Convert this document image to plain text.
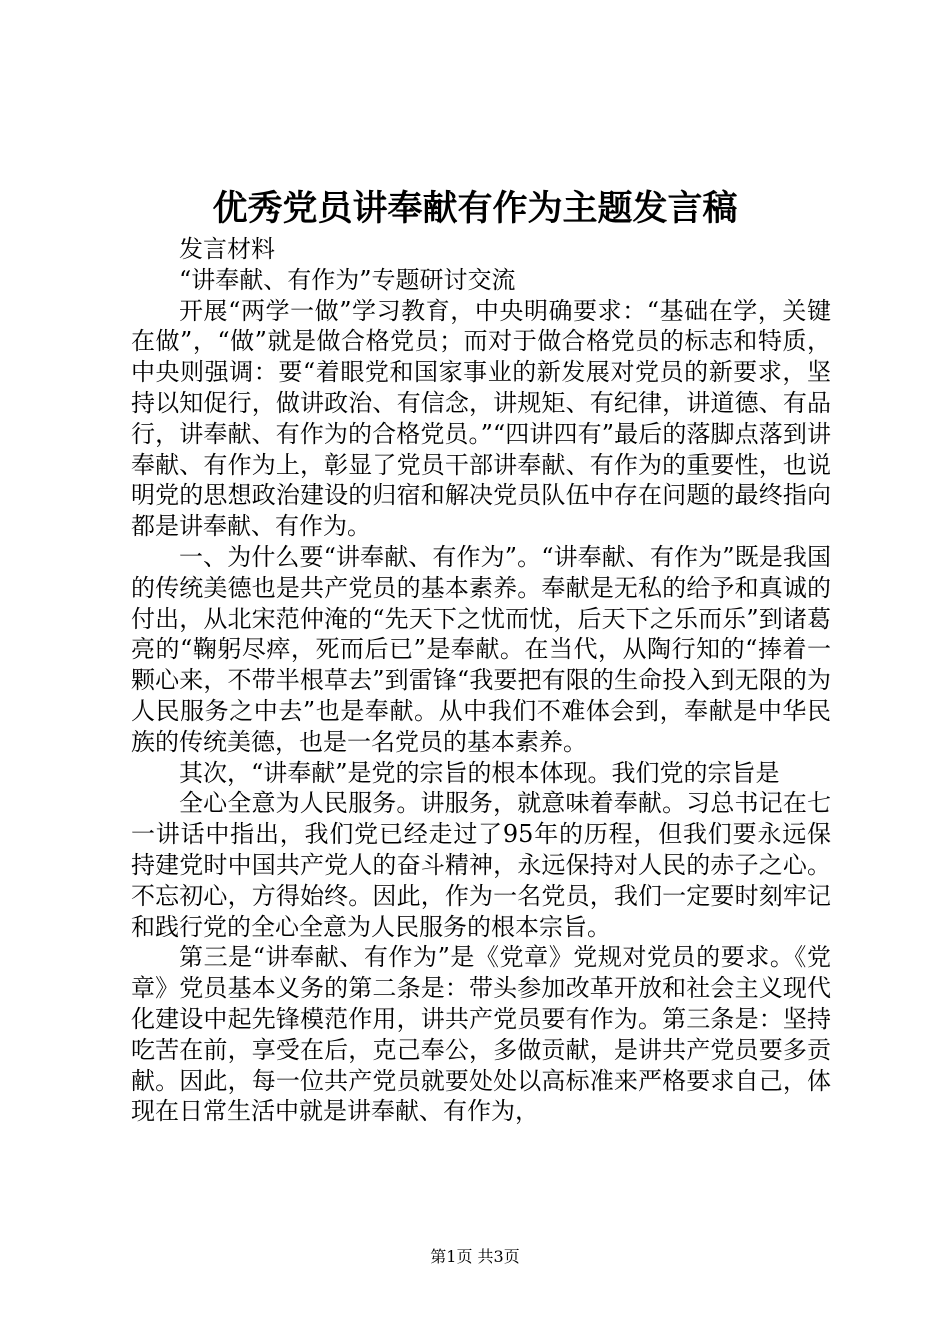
优秀党员讲奉献有作为主题发言稿

发言材料

“讲奉献、有作为”专题研讨交流

开展“两学一做”学习教育，中央明确要求：“基础在学，关键在做”，“做”就是做合格党员；而对于做合格党员的标志和特质，中央则强调：要“着眼党和国家事业的新发展对党员的新要求，坚持以知促行，做讲政治、有信念，讲规矩、有纪律，讲道德、有品行，讲奉献、有作为的合格党员。”“四讲四有”最后的落脚点落到讲奉献、有作为上，彰显了党员干部讲奉献、有作为的重要性，也说明党的思想政治建设的归宿和解决党员队伍中存在问题的最终指向都是讲奉献、有作为。

一、为什么要“讲奉献、有作为”。“讲奉献、有作为”既是我国的传统美德也是共产党员的基本素养。奉献是无私的给予和真诚的付出，从北宋范仲淹的“先天下之忧而忧，后天下之乐而乐”到诸葛亮的“鞠躬尽瘁，死而后已”是奉献。在当代，从陶行知的“捧着一颗心来，不带半根草去”到雷锋“我要把有限的生命投入到无限的为人民服务之中去”也是奉献。从中我们不难体会到，奉献是中华民族的传统美德，也是一名党员的基本素养。

其次，“讲奉献”是党的宗旨的根本体现。我们党的宗旨是

全心全意为人民服务。讲服务，就意味着奉献。习总书记在七一讲话中指出，我们党已经走过了95年的历程，但我们要永远保持建党时中国共产党人的奋斗精神，永远保持对人民的赤子之心。不忘初心，方得始终。因此，作为一名党员，我们一定要时刻牢记和践行党的全心全意为人民服务的根本宗旨。

第三是“讲奉献、有作为”是《党章》党规对党员的要求。《党章》党员基本义务的第二条是：带头参加改革开放和社会主义现代化建设中起先锋模范作用，讲共产党员要有作为。第三条是：坚持吃苦在前，享受在后，克己奉公，多做贡献，是讲共产党员要多贡献。因此，每一位共产党员就要处处以高标准来严格要求自己，体现在日常生活中就是讲奉献、有作为，

第1页 共3页
